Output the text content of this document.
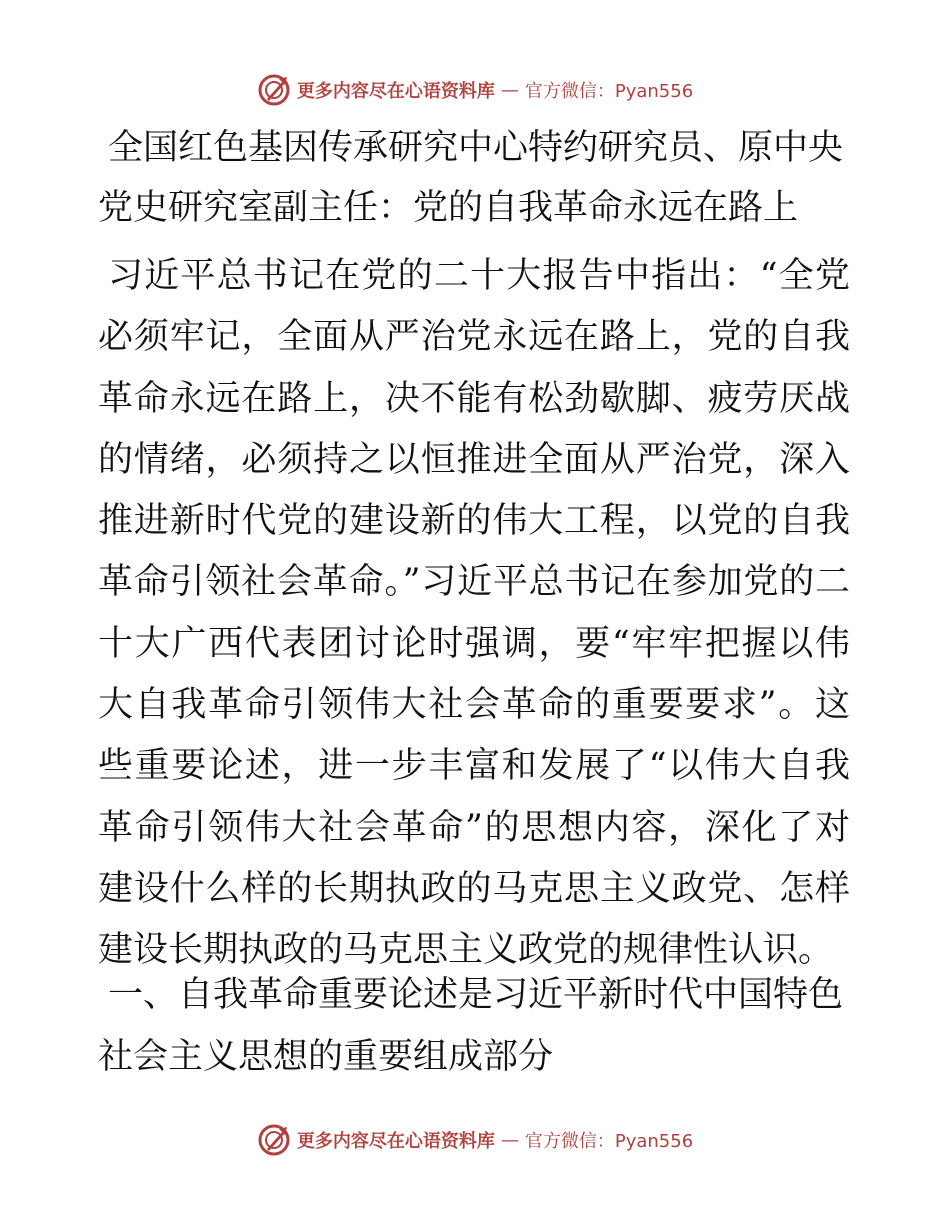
更多内容尽在心语资料库 — 官方微信：Pyan556
全国红色基因传承研究中心特约研究员、原中央党史研究室副主任：党的自我革命永远在路上

习近平总书记在党的二十大报告中指出：“全党必须牢记，全面从严治党永远在路上，党的自我革命永远在路上，决不能有松劲歇脚、疲劳厌战的情绪，必须持之以恒推进全面从严治党，深入推进新时代党的建设新的伟大工程，以党的自我革命引领社会革命。”习近平总书记在参加党的二十大广西代表团讨论时强调，要“牢牢把握以伟大自我革命引领伟大社会革命的重要要求”。这些重要论述，进一步丰富和发展了“以伟大自我革命引领伟大社会革命”的思想内容，深化了对建设什么样的长期执政的马克思主义政党、怎样建设长期执政的马克思主义政党的规律性认识。

一、自我革命重要论述是习近平新时代中国特色社会主义思想的重要组成部分
更多内容尽在心语资料库 — 官方微信：Pyan556
